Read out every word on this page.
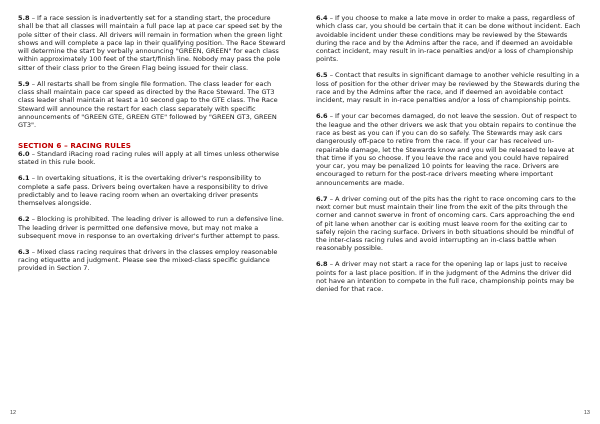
5.8 – If a race session is inadvertently set for a standing start, the procedure shall be that all classes will maintain a full pace lap at pace car speed set by the pole sitter of their class. All drivers will remain in formation when the green light shows and will complete a pace lap in their qualifying position. The Race Steward will determine the start by verbally announcing "GREEN, GREEN" for each class within approximately 100 feet of the start/finish line. Nobody may pass the pole sitter of their class prior to the Green Flag being issued for their class.

5.9 – All restarts shall be from single file formation. The class leader for each class shall maintain pace car speed as directed by the Race Steward. The GT3 class leader shall maintain at least a 10 second gap to the GTE class. The Race Steward will announce the restart for each class separately with specific announcements of "GREEN GTE, GREEN GTE" followed by "GREEN GT3, GREEN GT3".

SECTION 6 – RACING RULES

6.0 – Standard iRacing road racing rules will apply at all times unless otherwise stated in this rule book.

6.1 – In overtaking situations, it is the overtaking driver's responsibility to complete a safe pass. Drivers being overtaken have a responsibility to drive predictably and to leave racing room when an overtaking driver presents themselves alongside.

6.2 – Blocking is prohibited. The leading driver is allowed to run a defensive line. The leading driver is permitted one defensive move, but may not make a subsequent move in response to an overtaking driver's further attempt to pass.

6.3 – Mixed class racing requires that drivers in the classes employ reasonable racing etiquette and judgment. Please see the mixed-class specific guidance provided in Section 7.

12

6.4 – If you choose to make a late move in order to make a pass, regardless of which class car, you should be certain that it can be done without incident. Each avoidable incident under these conditions may be reviewed by the Stewards during the race and by the Admins after the race, and if deemed an avoidable contact incident, may result in in-race penalties and/or a loss of championship points.

6.5 – Contact that results in significant damage to another vehicle resulting in a loss of position for the other driver may be reviewed by the Stewards during the race and by the Admins after the race, and if deemed an avoidable contact incident, may result in in-race penalties and/or a loss of championship points.

6.6 – If your car becomes damaged, do not leave the session. Out of respect to the league and the other drivers we ask that you obtain repairs to continue the race as best as you can if you can do so safely. The Stewards may ask cars dangerously off-pace to retire from the race. If your car has received un-repairable damage, let the Stewards know and you will be released to leave at that time if you so choose. If you leave the race and you could have repaired your car, you may be penalized 10 points for leaving the race. Drivers are encouraged to return for the post-race drivers meeting where important announcements are made.

6.7 – A driver coming out of the pits has the right to race oncoming cars to the next corner but must maintain their line from the exit of the pits through the corner and cannot swerve in front of oncoming cars. Cars approaching the end of pit lane when another car is exiting must leave room for the exiting car to safely rejoin the racing surface. Drivers in both situations should be mindful of the inter-class racing rules and avoid interrupting an in-class battle when reasonably possible.

6.8 – A driver may not start a race for the opening lap or laps just to receive points for a last place position. If in the judgment of the Admins the driver did not have an intention to compete in the full race, championship points may be denied for that race.

13
